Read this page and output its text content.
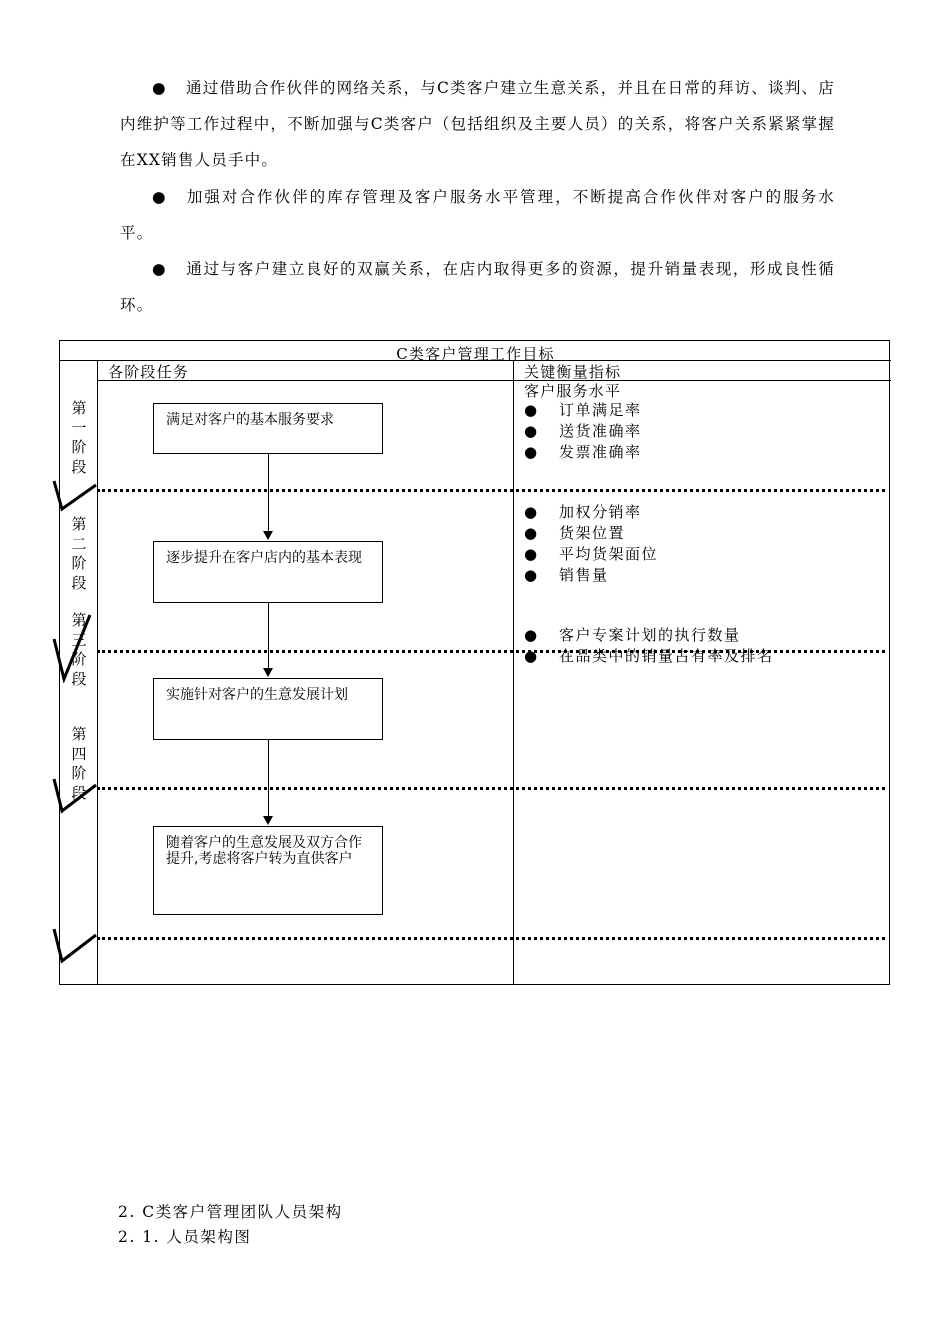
● 通过借助合作伙伴的网络关系，与C类客户建立生意关系，并且在日常的拜访、谈判、店内维护等工作过程中，不断加强与C类客户（包括组织及主要人员）的关系，将客户关系紧紧掌握在XX销售人员手中。
● 加强对合作伙伴的库存管理及客户服务水平管理，不断提高合作伙伴对客户的服务水平。
● 通过与客户建立良好的双赢关系，在店内取得更多的资源，提升销量表现，形成良性循环。
C类客户管理工作目标
各阶段任务	关键衡量指标
第一阶段
第二阶段
第三阶段
第四阶段
满足对客户的基本服务要求
逐步提升在客户店内的基本表现
实施针对客户的生意发展计划
随着客户的生意发展及双方合作提升,考虑将客户转为直供客户
客户服务水平
● 订单满足率
● 送货准确率
● 发票准确率
● 加权分销率
● 货架位置
● 平均货架面位
● 销售量
● 客户专案计划的执行数量
● 在品类中的销量占有率及排名
2. C类客户管理团队人员架构
2. 1. 人员架构图
